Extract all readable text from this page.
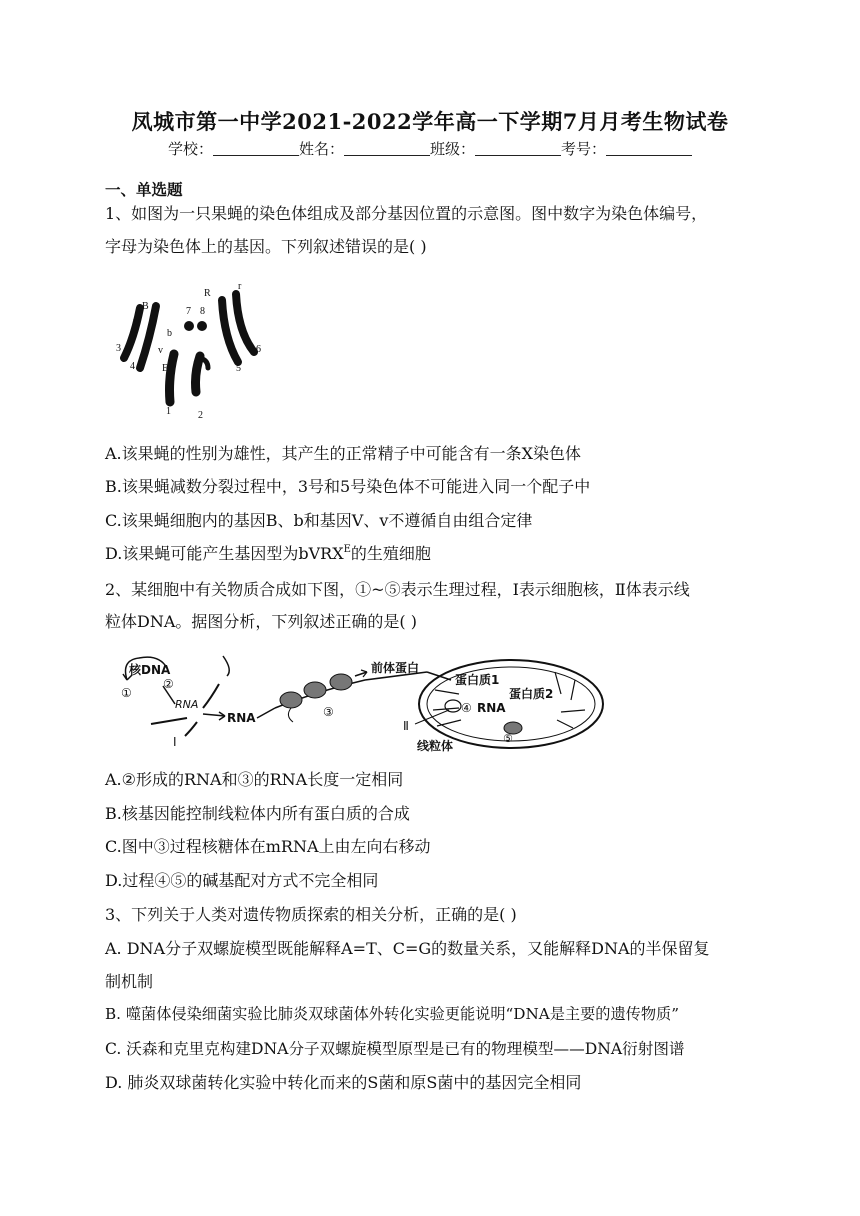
凤城市第一中学2021-2022学年高一下学期7月月考生物试卷
学校：	姓名：	班级：	考号：
一、单选题
1、如图为一只果蝇的染色体组成及部分基因位置的示意图。图中数字为染色体编号，
字母为染色体上的基因。下列叙述错误的是( )
B
V
b
v
E
R
r
1	2
3
4	5
6
7 8
A.该果蝇的性别为雄性，其产生的正常精子中可能含有一条X染色体
B.该果蝇减数分裂过程中，3号和5号染色体不可能进入同一个配子中
C.该果蝇细胞内的基因B、b和基因V、v不遵循自由组合定律
D.该果蝇可能产生基因型为bVRX$^E$的生殖细胞
2、某细胞中有关物质合成如下图，①~⑤表示生理过程，Ⅰ表示细胞核，Ⅱ体表示线
粒体DNA。据图分析，下列叙述正确的是( )
核DNA
①
②
RNA
Ⅰ
RNA	③
前体蛋白
蛋白质1
蛋白质2
④ RNA
⑤
Ⅱ
线粒体
A.②形成的RNA和③的RNA长度一定相同
B.核基因能控制线粒体内所有蛋白质的合成
C.图中③过程核糖体在mRNA上由左向右移动
D.过程④⑤的碱基配对方式不完全相同
3、下列关于人类对遗传物质探索的相关分析，正确的是( )
A. DNA分子双螺旋模型既能解释A=T、C=G的数量关系，又能解释DNA的半保留复
制机制
B. 噬菌体侵染细菌实验比肺炎双球菌体外转化实验更能说明“DNA是主要的遗传物质”
C. 沃森和克里克构建DNA分子双螺旋模型原型是已有的物理模型——DNA衍射图谱
D. 肺炎双球菌转化实验中转化而来的S菌和原S菌中的基因完全相同
